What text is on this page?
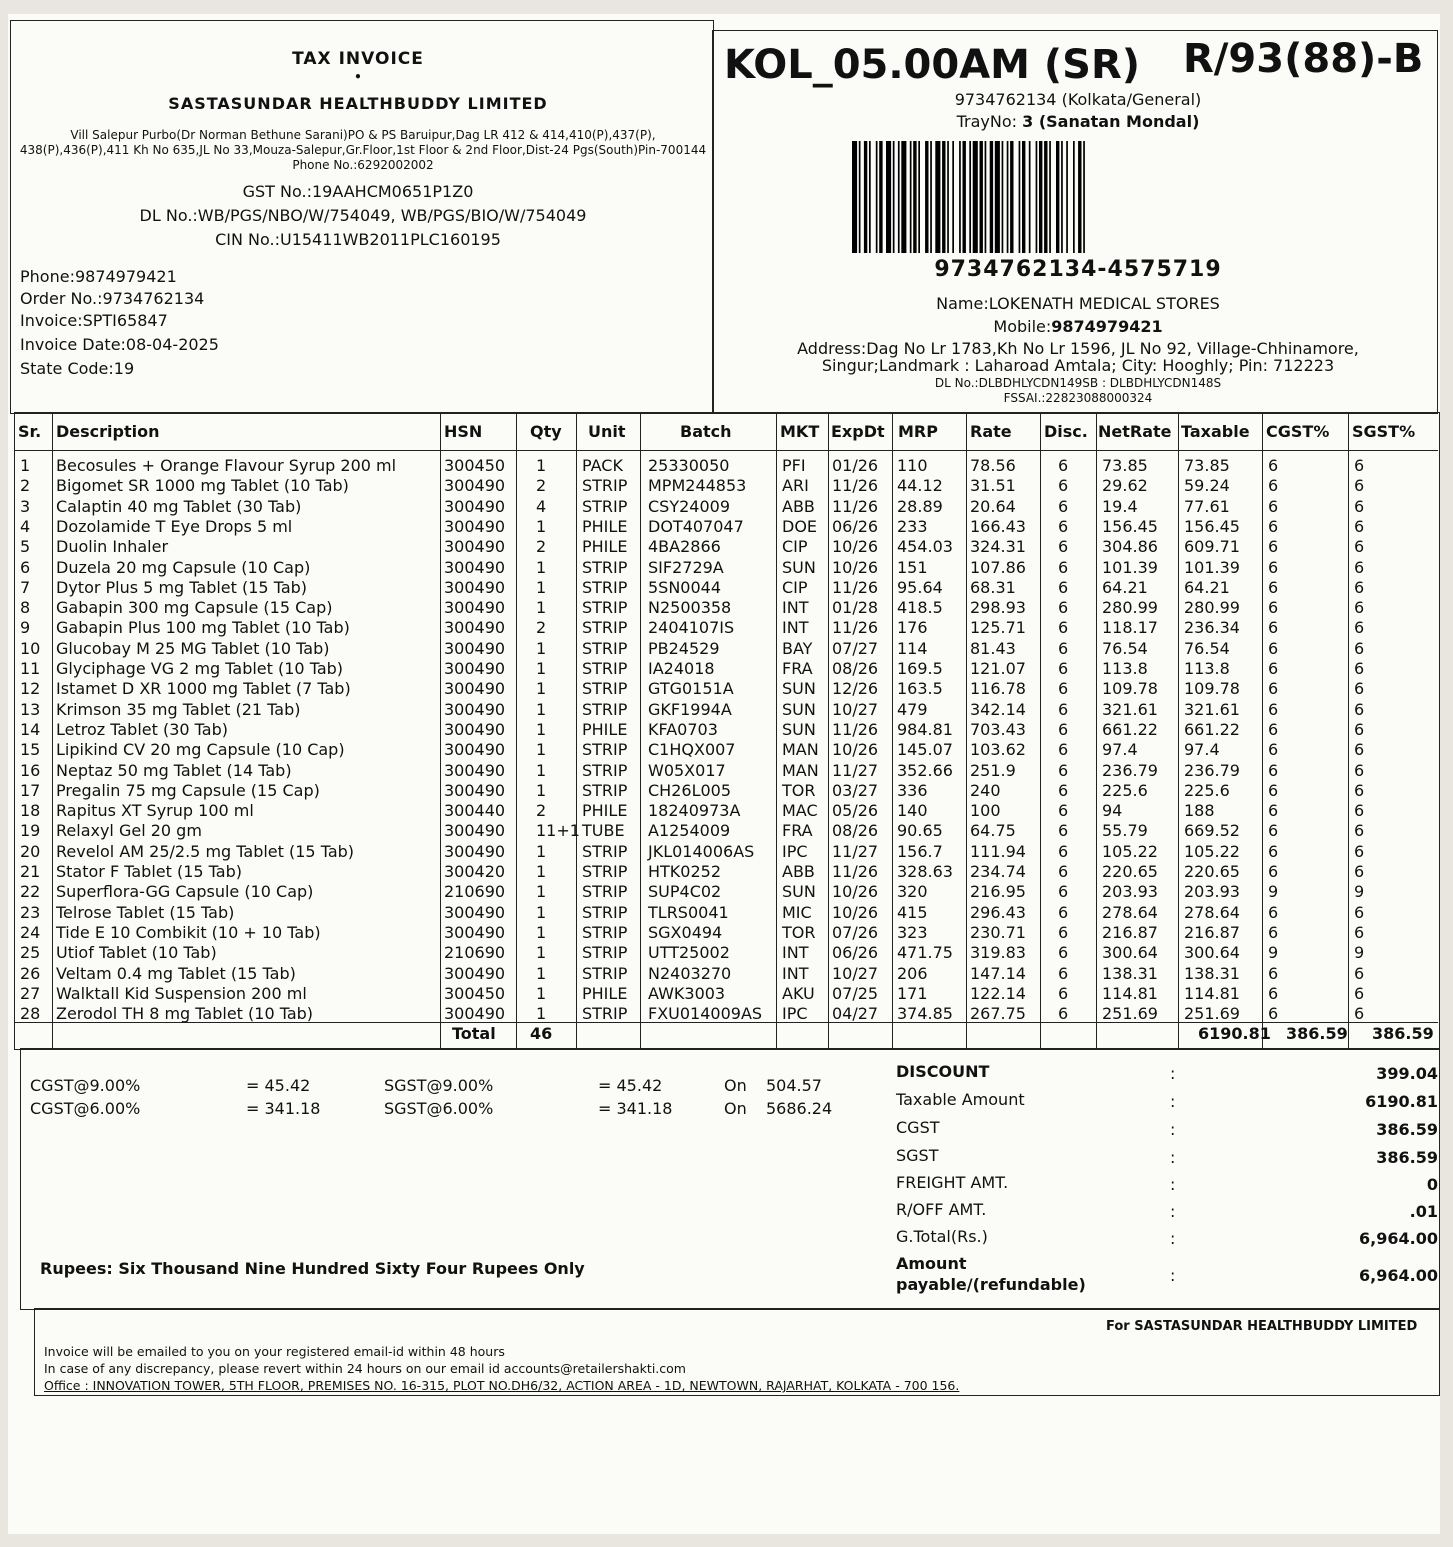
TAX INVOICE
•
SASTASUNDAR HEALTHBUDDY LIMITED
Vill Salepur Purbo(Dr Norman Bethune Sarani)PO & PS Baruipur,Dag LR 412 & 414,410(P),437(P), 438(P),436(P),411 Kh No 635,JL No 33,Mouza-Salepur,Gr.Floor,1st Floor & 2nd Floor,Dist-24 Pgs(South)Pin-700144 Phone No.:6292002002
GST No.:19AAHCM0651P1Z0
DL No.:WB/PGS/NBO/W/754049, WB/PGS/BIO/W/754049
CIN No.:U15411WB2011PLC160195
Phone:9874979421
Order No.:9734762134
Invoice:SPTI65847
Invoice Date:08-04-2025
State Code:19
KOL_05.00AM (SR) R/93(88)-B
9734762134 (Kolkata/General)
TrayNo: 3 (Sanatan Mondal)
9734762134-4575719
Name:LOKENATH MEDICAL STORES
Mobile:9874979421
Address:Dag No Lr 1783,Kh No Lr 1596, JL No 92, Village-Chhinamore,
Singur;Landmark : Laharoad Amtala; City: Hooghly; Pin: 712223
DL No.:DLBDHLYCDN149SB : DLBDHLYCDN148S
FSSAI.:22823088000324
Sr. Description	HSN	Qty Unit	Batch	MKT ExpDt MRP Rate Disc. NetRate Taxable CGST% SGST%
1 Becosules + Orange Flavour Syrup 200 ml	300450 1 PACK 25330050	PFI 01/26 110	78.56	6 73.85 73.85 6	6
2 Bigomet SR 1000 mg Tablet (10 Tab)	300490 2 STRIP MPM244853 ARI 11/26 44.12 31.51	6 29.62 59.24 6	6
3 Calaptin 40 mg Tablet (30 Tab)	300490 4 STRIP CSY24009	ABB 11/26 28.89 20.64	6 19.4	77.61 6	6
4 Dozolamide T Eye Drops 5 ml	300490 1 PHILE DOT407047 DOE 06/26 233	166.43 6 156.45 156.45 6	6
5 Duolin Inhaler	300490 2 PHILE 4BA2866	CIP 10/26 454.03 324.31 6 304.86 609.71 6	6
6 Duzela 20 mg Capsule (10 Cap)	300490 1 STRIP SIF2729A	SUN 10/26 151	107.86 6 101.39 101.39 6	6
7 Dytor Plus 5 mg Tablet (15 Tab)	300490 1 STRIP 5SN0044	CIP 11/26 95.64 68.31	6 64.21 64.21 6	6
8 Gabapin 300 mg Capsule (15 Cap)	300490 1 STRIP N2500358	INT 01/28 418.5 298.93 6 280.99 280.99 6	6
9 Gabapin Plus 100 mg Tablet (10 Tab)	300490 2 STRIP 2404107IS	INT 11/26 176	125.71 6 118.17 236.34 6	6
10 Glucobay M 25 MG Tablet (10 Tab)	300490 1 STRIP PB24529	BAY 07/27 114	81.43	6 76.54 76.54 6	6
11 Glyciphage VG 2 mg Tablet (10 Tab)	300490 1 STRIP IA24018	FRA 08/26 169.5 121.07 6 113.8 113.8 6	6
12 Istamet D XR 1000 mg Tablet (7 Tab)	300490 1 STRIP GTG0151A	SUN 12/26 163.5 116.78 6 109.78 109.78 6	6
13 Krimson 35 mg Tablet (21 Tab)	300490 1 STRIP GKF1994A	SUN 10/27 479	342.14 6 321.61 321.61 6	6
14 Letroz Tablet (30 Tab)	300490 1 PHILE KFA0703	SUN 11/26 984.81 703.43 6 661.22 661.22 6	6
15 Lipikind CV 20 mg Capsule (10 Cap)	300490 1 STRIP C1HQX007	MAN 10/26 145.07 103.62 6 97.4	97.4	6	6
16 Neptaz 50 mg Tablet (14 Tab)	300490 1 STRIP W05X017	MAN 11/27 352.66 251.9	6 236.79 236.79 6	6
17 Pregalin 75 mg Capsule (15 Cap)	300490 1 STRIP CH26L005	TOR 03/27 336	240	6 225.6 225.6 6	6
18 Rapitus XT Syrup 100 ml	300440 2 PHILE 18240973A	MAC 05/26 140	100	6 94	188	6	6
19 Relaxyl Gel 20 gm	300490 11+1 TUBE A1254009	FRA 08/26 90.65 64.75	6 55.79 669.52 6	6
20 Revelol AM 25/2.5 mg Tablet (15 Tab)	300490 1 STRIP JKL014006AS IPC 11/27 156.7 111.94 6 105.22 105.22 6	6
21 Stator F Tablet (15 Tab)	300420 1 STRIP HTK0252	ABB 11/26 328.63 234.74 6 220.65 220.65 6	6
22 Superflora-GG Capsule (10 Cap)	210690 1 STRIP SUP4C02	SUN 10/26 320	216.95 6 203.93 203.93 9	9
23 Telrose Tablet (15 Tab)	300490 1 STRIP TLRS0041	MIC 10/26 415	296.43 6 278.64 278.64 6	6
24 Tide E 10 Combikit (10 + 10 Tab)	300490 1 STRIP SGX0494	TOR 07/26 323	230.71 6 216.87 216.87 6	6
25 Utiof Tablet (10 Tab)	210690 1 STRIP UTT25002	INT 06/26 471.75 319.83 6 300.64 300.64 9	9
26 Veltam 0.4 mg Tablet (15 Tab)	300490 1 STRIP N2403270	INT 10/27 206	147.14 6 138.31 138.31 6	6
27 Walktall Kid Suspension 200 ml	300450 1 PHILE AWK3003	AKU 07/25 171	122.14 6 114.81 114.81 6	6
28 Zerodol TH 8 mg Tablet (10 Tab)	300490 1 STRIP FXU014009AS IPC 04/27 374.85 267.75 6 251.69 251.69 6	6
Total 46	6190.81 386.59 386.59
CGST@9.00%	= 45.42	SGST@9.00%	= 45.42	On 504.57
CGST@6.00%	= 341.18	SGST@6.00%	= 341.18	On 5686.24
DISCOUNT	:	399.04
Taxable Amount	:	6190.81
CGST	:	386.59
SGST	:	386.59
FREIGHT AMT.	:	0
R/OFF AMT.	:	.01
G.Total(Rs.)	:	6,964.00
Amount
payable/(refundable)	:	6,964.00
Rupees: Six Thousand Nine Hundred Sixty Four Rupees Only
For SASTASUNDAR HEALTHBUDDY LIMITED
Invoice will be emailed to you on your registered email-id within 48 hours
In case of any discrepancy, please revert within 24 hours on our email id accounts@retailershakti.com
Office : INNOVATION TOWER, 5TH FLOOR, PREMISES NO. 16-315, PLOT NO.DH6/32, ACTION AREA - 1D, NEWTOWN, RAJARHAT, KOLKATA - 700 156.
